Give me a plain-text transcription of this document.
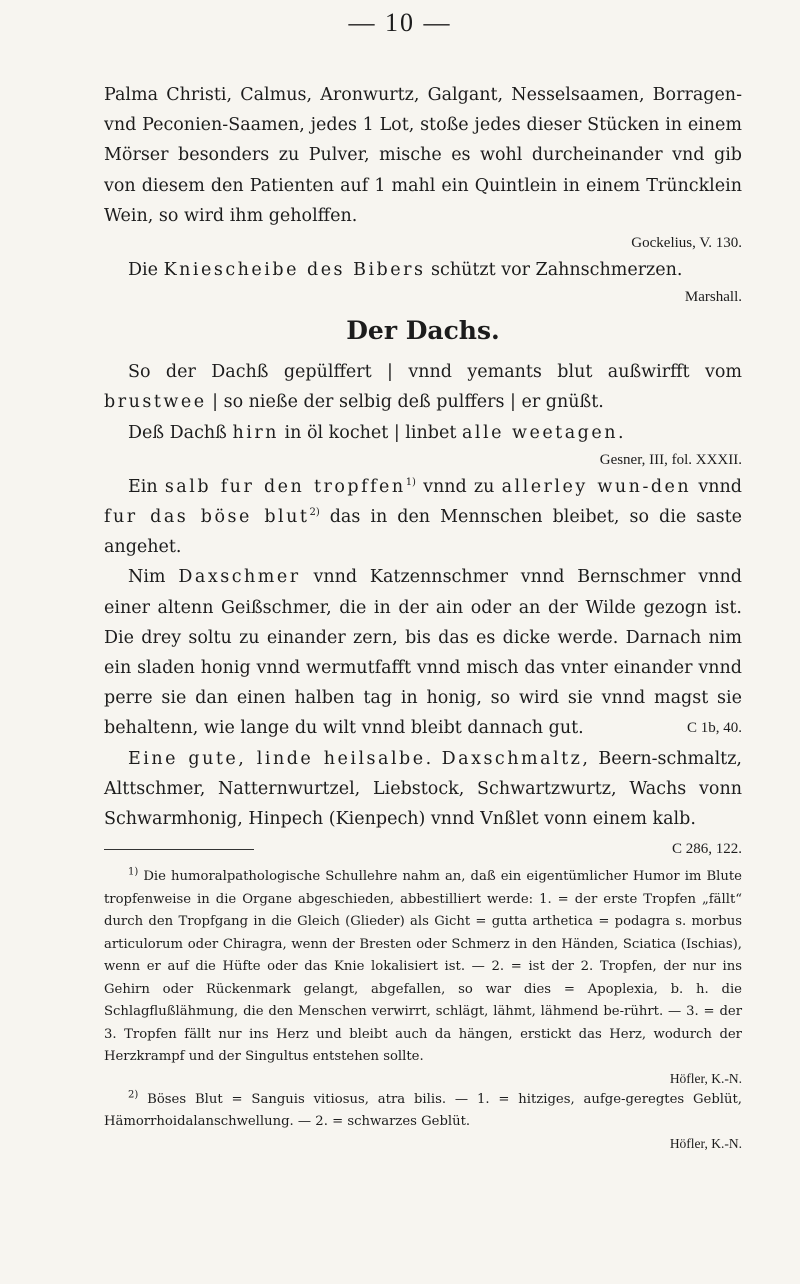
— 10 —

Palma Christi, Calmus, Aronwurtz, Galgant, Nesselsaamen, Borragen- vnd Peconien-Saamen, jedes 1 Lot, stoße jedes dieser Stücken in einem Mörser besonders zu Pulver, mische es wohl durcheinander vnd gib von diesem den Patienten auf 1 mahl ein Quintlein in einem Trüncklein Wein, so wird ihm geholffen.

Gockelius, V. 130.

Die Kniescheibe des Bibers schützt vor Zahnschmerzen.

Marshall.

Der Dachs.

So der Dachß gepülffert | vnnd yemants blut außwirfft vom brustwee | so nieße der selbig deß pulffers | er gnüßt.

Deß Dachß hirn in öl kochet | linbet alle weetagen.

Gesner, III, fol. XXXII.

Ein salb fur den tropffen$^{1)}$ vnnd zu allerley wun-den vnnd fur das böse blut$^{2)}$ das in den Mennschen bleibet, so die saste angehet.

Nim Daxschmer vnnd Katzennschmer vnnd Bernschmer vnnd einer altenn Geißschmer, die in der ain oder an der Wilde gezogn ist. Die drey soltu zu einander zern, bis das es dicke werde. Darnach nim ein sladen honig vnnd wermutfafft vnnd misch das vnter einander vnnd perre sie dan einen halben tag in honig, so wird sie vnnd magst sie behaltenn, wie lange du wilt vnnd bleibt dannach gut.	C 1b, 40.

Eine gute, linde heilsalbe. Daxschmaltz, Beern-schmaltz, Alttschmer, Natternwurtzel, Liebstock, Schwartzwurtz, Wachs vonn Schwarmhonig, Hinpech (Kienpech) vnnd Vnßlet vonn einem kalb.

C 286, 122.

$^{1)}$ Die humoralpathologische Schullehre nahm an, daß ein eigentümlicher Humor im Blute tropfenweise in die Organe abgeschieden, abbestilliert werde: 1. = der erste Tropfen „fällt“ durch den Tropfgang in die Gleich (Glieder) als Gicht = gutta arthetica = podagra s. morbus articulorum oder Chiragra, wenn der Bresten oder Schmerz in den Händen, Sciatica (Ischias), wenn er auf die Hüfte oder das Knie lokalisiert ist. — 2. = ist der 2. Tropfen, der nur ins Gehirn oder Rückenmark gelangt, abgefallen, so war dies = Apoplexia, b. h. die Schlagflußlähmung, die den Menschen verwirrt, schlägt, lähmt, lähmend be-rührt. — 3. = der 3. Tropfen fällt nur ins Herz und bleibt auch da hängen, erstickt das Herz, wodurch der Herzkrampf und der Singultus entstehen sollte.

Höfler, K.-N.

$^{2)}$ Böses Blut = Sanguis vitiosus, atra bilis. — 1. = hitziges, aufge-geregtes Geblüt, Hämorrhoidalanschwellung. — 2. = schwarzes Geblüt.

Höfler, K.-N.
